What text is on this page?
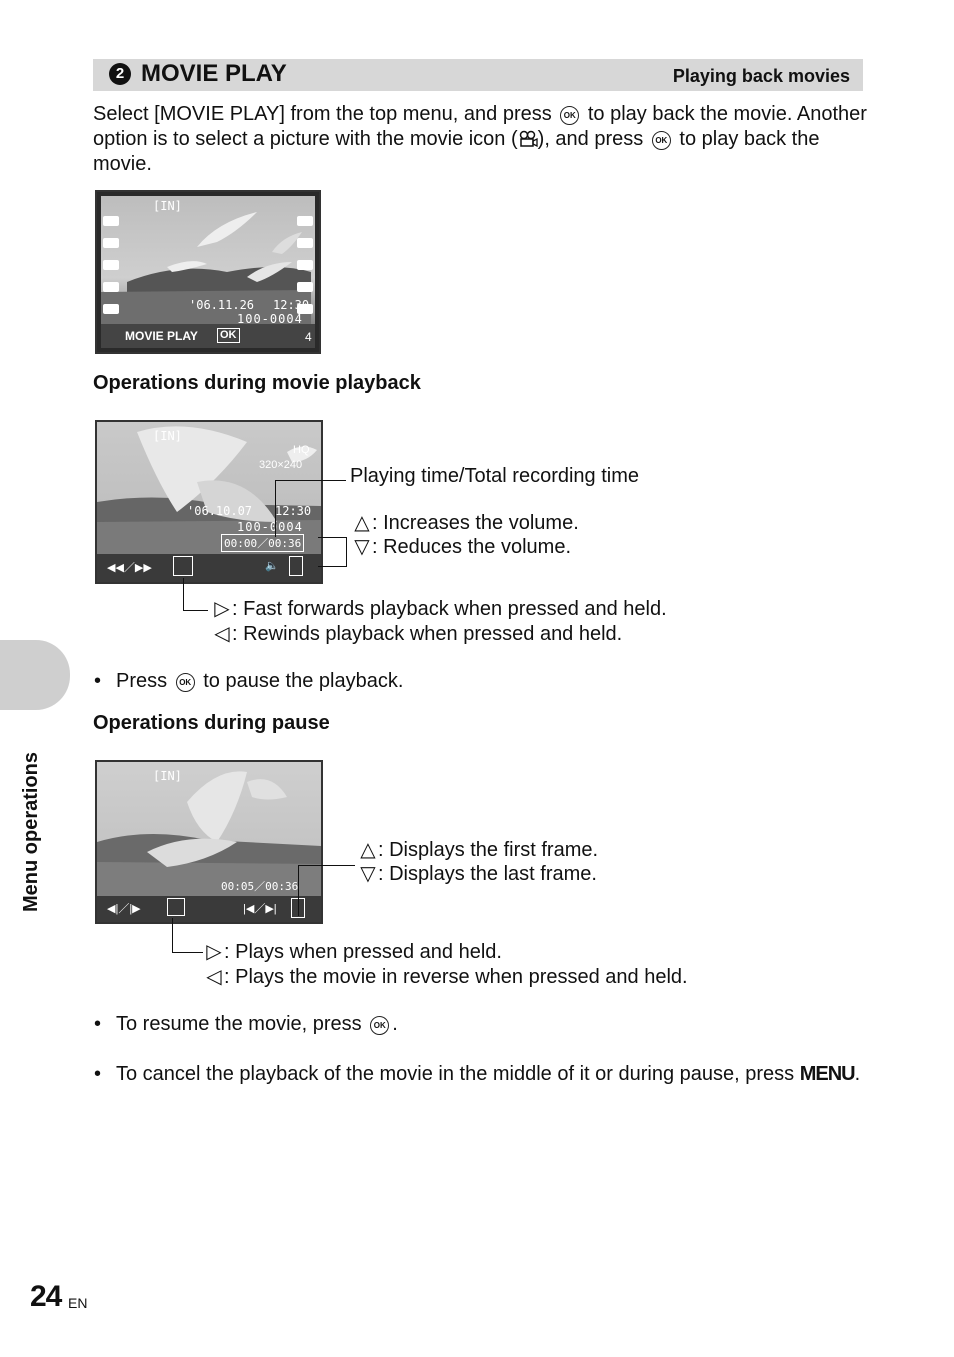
2 MOVIE PLAY	Playing back movies
Select [MOVIE PLAY] from the top menu, and press OK to play back the movie. Another option is to select a picture with the movie icon ( ), and press OK to play back the movie.
[IN]
'06.11.26 12:30
100-0004
MOVIE PLAY OK	4
Operations during movie playback
[IN]
HQ
320×240
'06.10.07 12:30
100-0004
00:00／00:36
◀◀／▶▶	🔈
Playing time/Total recording time
△ : Increases the volume.
▽ : Reduces the volume.
▷ : Fast forwards playback when pressed and held.
◁ : Rewinds playback when pressed and held.
• Press OK to pause the playback.
Operations during pause
[IN]
00:05／00:36
◀|／|▶	|◀／▶|
△ : Displays the first frame.
▽ : Displays the last frame.
▷ : Plays when pressed and held.
◁ : Plays the movie in reverse when pressed and held.
• To resume the movie, press OK .
• To cancel the playback of the movie in the middle of it or during pause, press MENU.
Menu operations
24 EN
